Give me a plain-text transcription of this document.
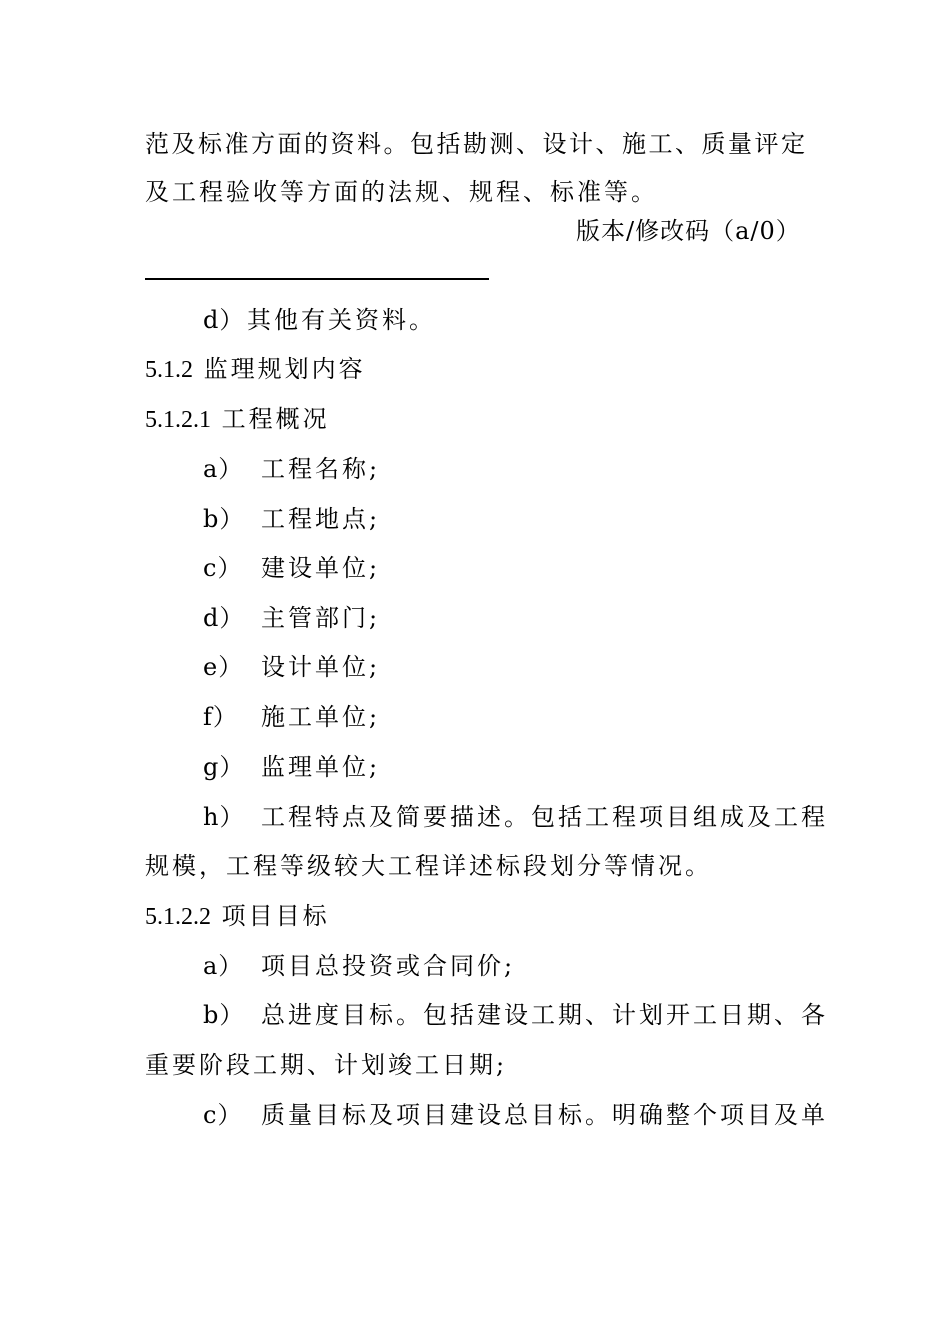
范及标准方面的资料。包括勘测、设计、施工、质量评定
及工程验收等方面的法规、规程、标准等。
版本/修改码（a/0）
d） 其他有关资料。
5.1.2 监理规划内容
5.1.2.1 工程概况
a） 工程名称;
b） 工程地点;
c） 建设单位;
d） 主管部门;
e） 设计单位;
f） 施工单位;
g） 监理单位;
h） 工程特点及简要描述。包括工程项目组成及工程
规模，工程等级较大工程详述标段划分等情况。
5.1.2.2 项目目标
a） 项目总投资或合同价;
b） 总进度目标。包括建设工期、计划开工日期、各
重要阶段工期、计划竣工日期;
c） 质量目标及项目建设总目标。明确整个项目及单
